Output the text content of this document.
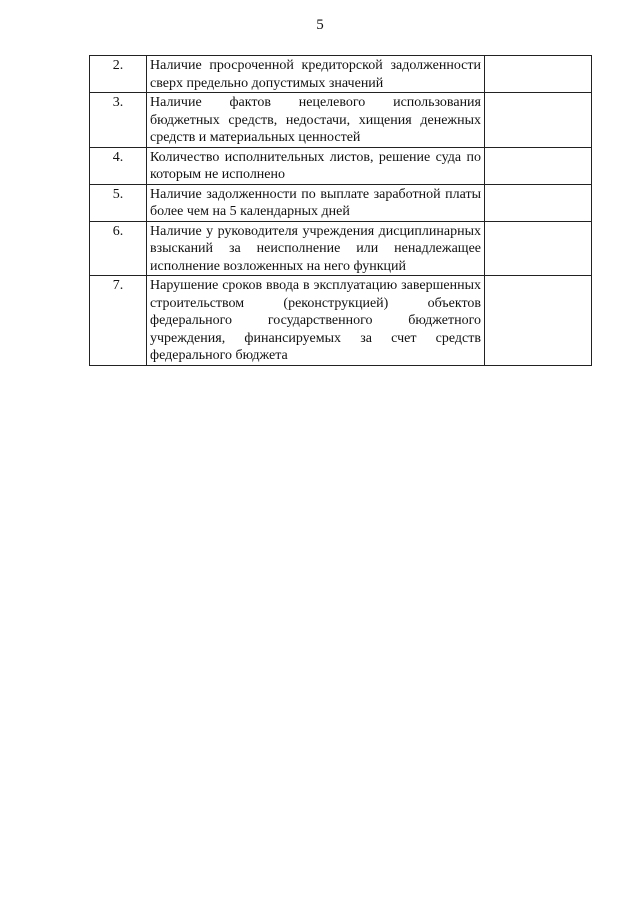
5
2.	Наличие просроченной кредиторской задолженности сверх предельно допустимых значений	
3.	Наличие фактов нецелевого использования бюджетных средств, недостачи, хищения денежных средств и материальных ценностей	
4.	Количество исполнительных листов, решение суда по которым не исполнено	
5.	Наличие задолженности по выплате заработной платы более чем на 5 календарных дней	
6.	Наличие у руководителя учреждения дисциплинарных взысканий за неисполнение или ненадлежащее исполнение возложенных на него функций	
7.	Нарушение сроков ввода в эксплуатацию завершенных строительством (реконструкцией) объектов федерального государственного бюджетного учреждения, финансируемых за счет средств федерального бюджета	
